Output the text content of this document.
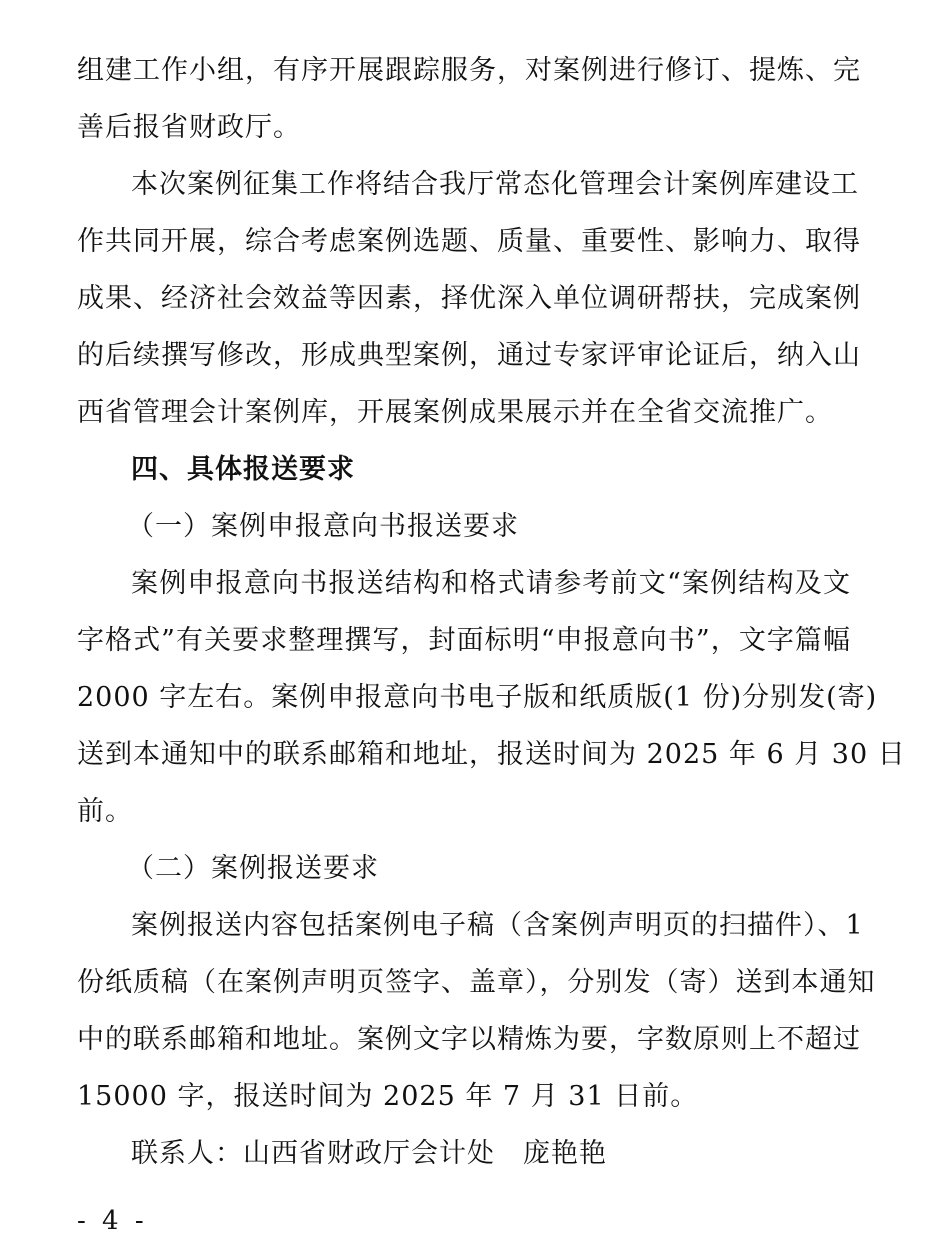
组建工作小组，有序开展跟踪服务，对案例进行修订、提炼、完
善后报省财政厅。
本次案例征集工作将结合我厅常态化管理会计案例库建设工
作共同开展，综合考虑案例选题、质量、重要性、影响力、取得
成果、经济社会效益等因素，择优深入单位调研帮扶，完成案例
的后续撰写修改，形成典型案例，通过专家评审论证后，纳入山
西省管理会计案例库，开展案例成果展示并在全省交流推广。
四、具体报送要求
（一）案例申报意向书报送要求
案例申报意向书报送结构和格式请参考前文“案例结构及文
字格式”有关要求整理撰写，封面标明“申报意向书”，文字篇幅
2000 字左右。案例申报意向书电子版和纸质版(1 份)分别发(寄)
送到本通知中的联系邮箱和地址，报送时间为 2025 年 6 月 30 日
前。
（二）案例报送要求
案例报送内容包括案例电子稿（含案例声明页的扫描件）、1
份纸质稿（在案例声明页签字、盖章），分别发（寄）送到本通知
中的联系邮箱和地址。案例文字以精炼为要，字数原则上不超过
15000 字，报送时间为 2025 年 7 月 31 日前。
联系人：山西省财政厅会计处　庞艳艳
- 4 -
